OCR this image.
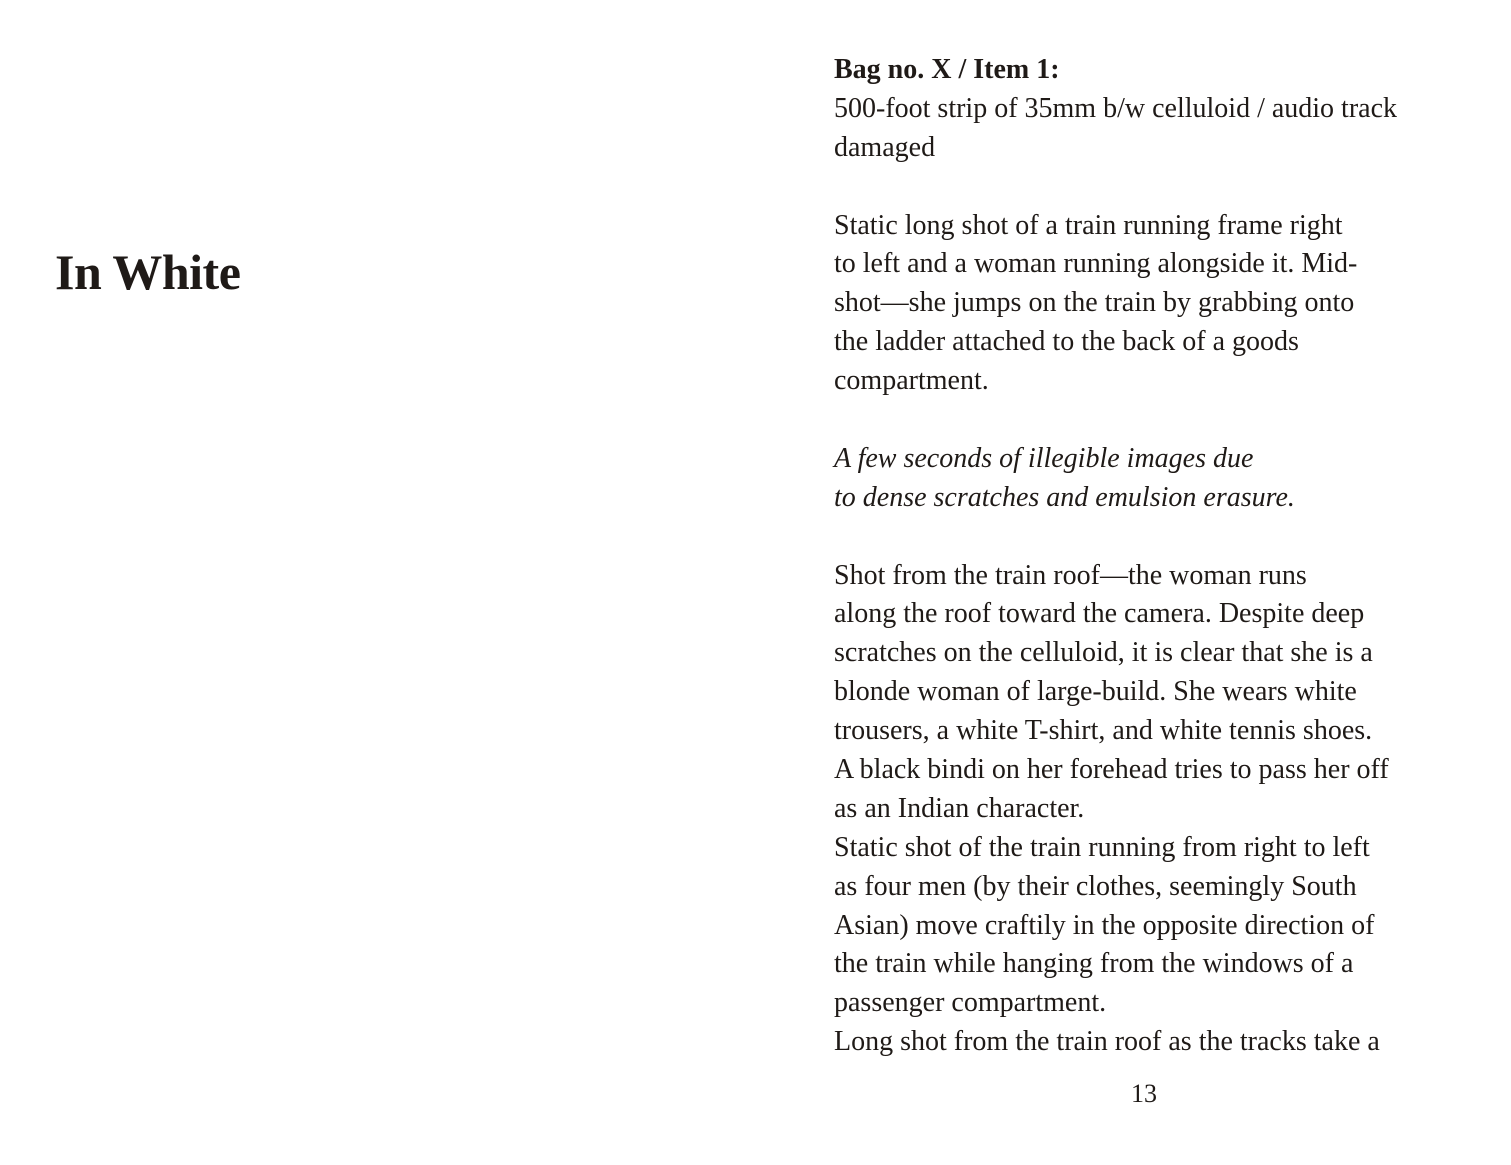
In White
Bag no. X / Item 1:
500-foot strip of 35mm b/w celluloid / audio track
damaged
Static long shot of a train running frame right
to left and a woman running alongside it. Mid-
shot—she jumps on the train by grabbing onto
the ladder attached to the back of a goods
compartment.
A few seconds of illegible images due
to dense scratches and emulsion erasure.
Shot from the train roof—the woman runs
along the roof toward the camera. Despite deep
scratches on the celluloid, it is clear that she is a
blonde woman of large-build. She wears white
trousers, a white T-shirt, and white tennis shoes.
A black bindi on her forehead tries to pass her off
as an Indian character.
Static shot of the train running from right to left
as four men (by their clothes, seemingly South
Asian) move craftily in the opposite direction of
the train while hanging from the windows of a
passenger compartment.
Long shot from the train roof as the tracks take a
13
